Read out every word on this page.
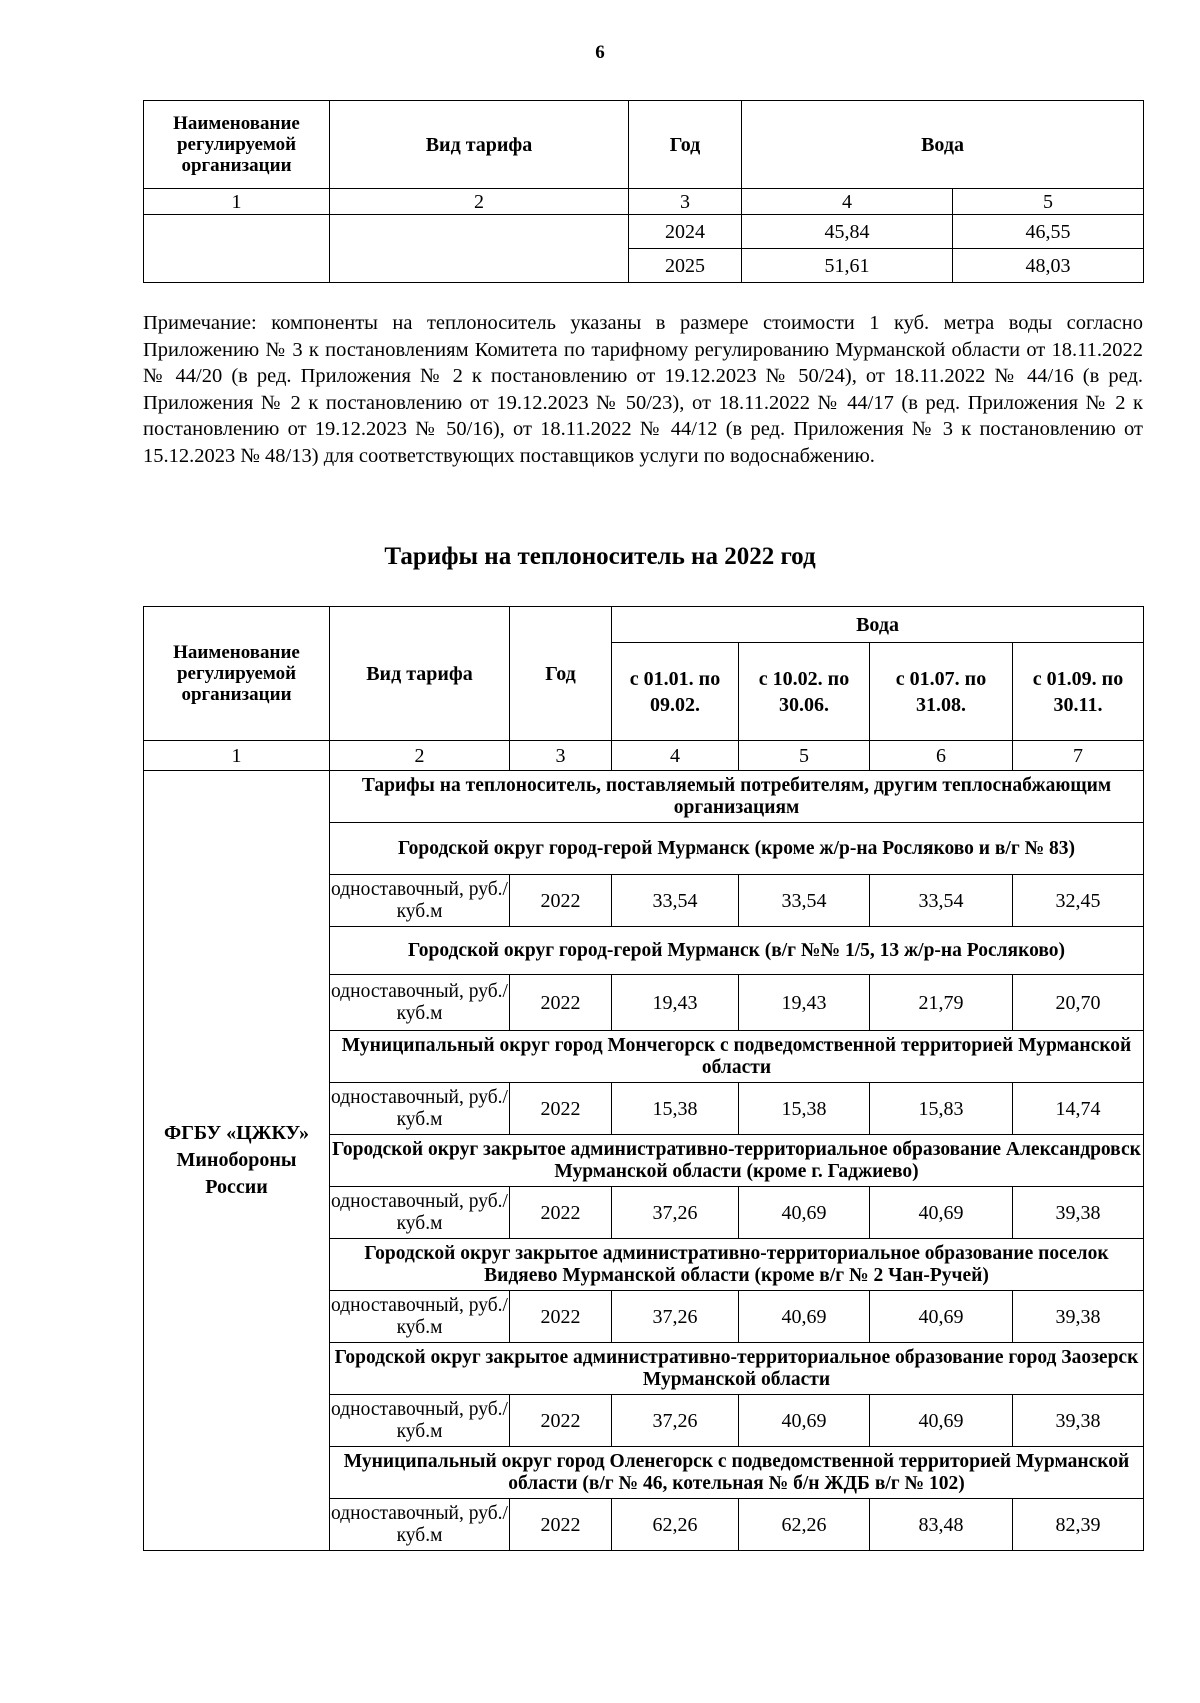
6
Наименование регулируемой организации	Вид тарифа	Год	Вода	
1	2	3	4	5
		2024	45,84	46,55
		2025	51,61	48,03
Примечание: компоненты на теплоноситель указаны в размере стоимости 1 куб. метра воды согласно Приложению № 3 к постановлениям Комитета по тарифному регулированию Мурманской области от 18.11.2022 № 44/20 (в ред. Приложения № 2 к постановлению от 19.12.2023 № 50/24), от 18.11.2022 № 44/16 (в ред. Приложения № 2 к постановлению от 19.12.2023 № 50/23), от 18.11.2022 № 44/17 (в ред. Приложения № 2 к постановлению от 19.12.2023 № 50/16), от 18.11.2022 № 44/12 (в ред. Приложения № 3 к постановлению от 15.12.2023 № 48/13) для соответствующих поставщиков услуги по водоснабжению.
Тарифы на теплоноситель на 2022 год
Наименование регулируемой организации	Вид тарифа	Год	Вода			
			с 01.01. по 09.02.	с 10.02. по 30.06.	с 01.07. по 31.08.	с 01.09. по 30.11.
1	2	3	4	5	6	7
ФГБУ «ЦЖКУ» Минобороны России	Тарифы на теплоноситель, поставляемый потребителям, другим теплоснабжающим организациям					
	Городской округ город-герой Мурманск (кроме ж/р-на Росляково и в/г № 83)					
	одноставочный, руб./куб.м	2022	33,54	33,54	33,54	32,45
	Городской округ город-герой Мурманск (в/г №№ 1/5, 13 ж/р-на Росляково)					
	одноставочный, руб./куб.м	2022	19,43	19,43	21,79	20,70
	Муниципальный округ город Мончегорск с подведомственной территорией Мурманской области					
	одноставочный, руб./куб.м	2022	15,38	15,38	15,83	14,74
	Городской округ закрытое административно-территориальное образование Александровск Мурманской области (кроме г. Гаджиево)					
	одноставочный, руб./куб.м	2022	37,26	40,69	40,69	39,38
	Городской округ закрытое административно-территориальное образование поселок Видяево Мурманской области (кроме в/г № 2 Чан-Ручей)					
	одноставочный, руб./куб.м	2022	37,26	40,69	40,69	39,38
	Городской округ закрытое административно-территориальное образование город Заозерск Мурманской области					
	одноставочный, руб./куб.м	2022	37,26	40,69	40,69	39,38
	Муниципальный округ город Оленегорск с подведомственной территорией Мурманской области (в/г № 46, котельная № б/н ЖДБ в/г № 102)					
	одноставочный, руб./куб.м	2022	62,26	62,26	83,48	82,39
